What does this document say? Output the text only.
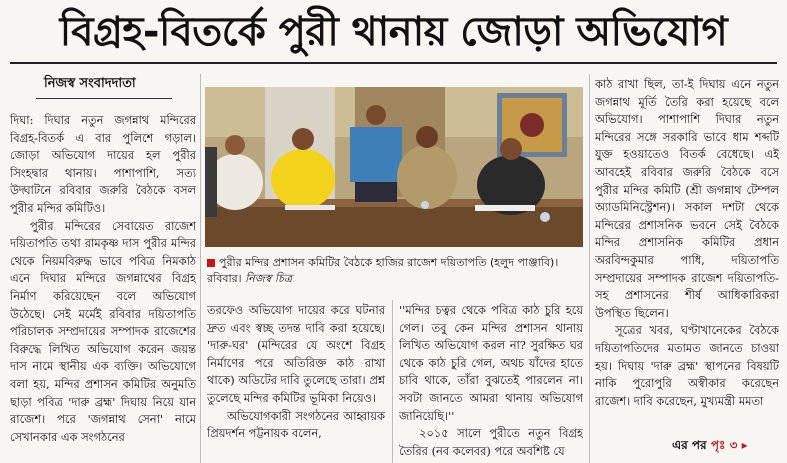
বিগ্রহ-বিতর্কে পুরী থানায় জোড়া অভিযোগ
নিজস্ব সংবাদদাতা

দিঘা: দিঘার নতুন জগন্নাথ মন্দিরের বিগ্রহ-বিতর্ক এ বার পুলিশে গড়াল। জোড়া অভিযোগ দায়ের হল পুরীর সিংহদ্বার থানায়। পাশাপাশি, সত্য উদ্ঘাটনে রবিবার জরুরি বৈঠকে বসল পুরীর মন্দির কমিটিও।

পুরীর মন্দিরের সেবায়েত রাজেশ দয়িতাপতি তথা রামকৃষ্ণ দাস পুরীর মন্দির থেকে নিয়মবিরুদ্ধ ভাবে পবিত্র নিমকাঠ এনে দিঘার মন্দিরে জগন্নাথের বিগ্রহ নির্মাণ করিয়েছেন বলে অভিযোগ উঠেছে। সেই মর্মেই রবিবার দয়িতাপতি পরিচালক সম্প্রদায়ের সম্পাদক রাজেশের বিরুদ্ধে লিখিত অভিযোগ করেন জয়ন্ত দাস নামে স্থানীয় এক ব্যক্তি। অভিযোগে বলা হয়, মন্দির প্রশাসন কমিটির অনুমতি ছাড়া পবিত্র 'দারু ব্রহ্ম' দিঘায় নিয়ে যান রাজেশ। পরে 'জগন্নাথ সেনা' নামে সেখানকার এক সংগঠনের

পুরীর মন্দির প্রশাসন কমিটির বৈঠকে হাজির রাজেশ দয়িতাপতি (হলুদ পাঞ্জাবি)। রবিবার। নিজস্ব চিত্র

তরফেও অভিযোগ দায়ের করে ঘটনার দ্রুত এবং স্বচ্ছ তদন্ত দাবি করা হয়েছে। 'দারু-ঘর' (মন্দিরের যে অংশে বিগ্রহ নির্মাণের পরে অতিরিক্ত কাঠ রাখা থাকে) অডিটের দাবি তুলেছে তারা। প্রশ্ন তুলেছে মন্দির কমিটির ভূমিকা নিয়েও।

অভিযোগকারী সংগঠনের আহ্বায়ক প্রিয়দর্শন পট্টনায়ক বলেন,

''মন্দির চত্বর থেকে পবিত্র কাঠ চুরি হয়ে গেল। তবু কেন মন্দির প্রশাসন থানায় লিখিত অভিযোগ করল না? সুরক্ষিত ঘর থেকে কাঠ চুরি গেল, অথচ যাঁদের হাতে চাবি থাকে, তাঁরা বুঝতেই পারলেন না। সবটা জানতে আমরা থানায় অভিযোগ জানিয়েছি।''

২০১৫ সালে পুরীতে নতুন বিগ্রহ তৈরির (নব কলেবর) পরে অবশিষ্ট যে

কাঠ রাখা ছিল, তা-ই দিঘায় এনে নতুন জগন্নাথ মূর্তি তৈরি করা হয়েছে বলে অভিযোগ। পাশাপাশি দিঘার নতুন মন্দিরের সঙ্গে সরকারি ভাবে ধাম শব্দটি যুক্ত হওয়াতেও বিতর্ক বেধেছে। এই আবহেই রবিবার জরুরি বৈঠকে বসে পুরীর মন্দির কমিটি (শ্রী জগন্নাথ টেম্পল অ্যাডমিনিস্ট্রেশন)। সকাল দশটা থেকে মন্দিরের প্রশাসনিক ভবনে সেই বৈঠকে মন্দির প্রশাসনিক কমিটির প্রধান অরবিন্দকুমার পাধি, দয়িতাপতি সম্প্রদায়ের সম্পাদক রাজেশ দয়িতাপতি-সহ প্রশাসনের শীর্ষ আধিকারিকরা উপস্থিত ছিলেন।

সূত্রের খবর, ঘণ্টাখানেকের বৈঠকে দয়িতাপতিদের মতামত জানতে চাওয়া হয়। দিঘায় 'দারু ব্রহ্ম' স্থাপনের বিষয়টি নাকি পুরোপুরি অস্বীকার করেছেন রাজেশ। দাবি করেছেন, মুখ্যমন্ত্রী মমতা

এর পর পৃঃ ৩ ▸
